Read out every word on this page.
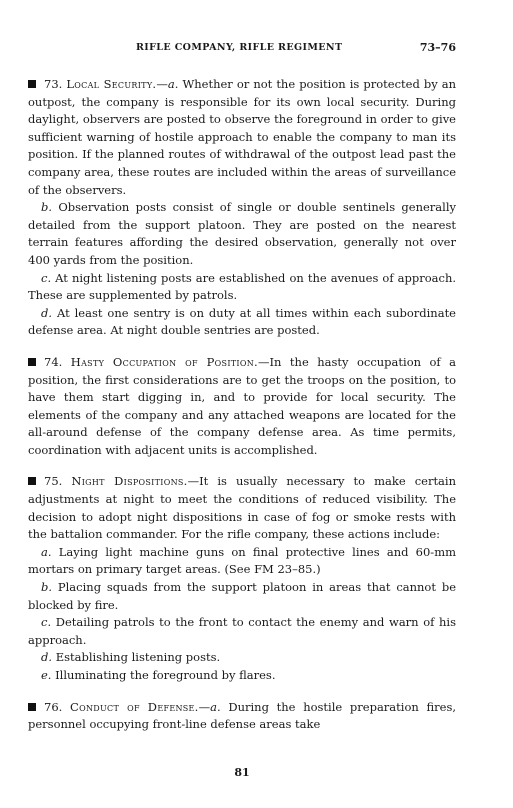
RIFLE COMPANY, RIFLE REGIMENT	73–76

73. Local Security.—a. Whether or not the position is protected by an outpost, the company is responsible for its own local security. During daylight, observers are posted to observe the foreground in order to give sufficient warning of hostile approach to enable the company to man its position. If the planned routes of withdrawal of the outpost lead past the company area, these routes are included within the areas of surveillance of the observers.

b. Observation posts consist of single or double sentinels generally detailed from the support platoon. They are posted on the nearest terrain features affording the desired observation, generally not over 400 yards from the position.

c. At night listening posts are established on the avenues of approach. These are supplemented by patrols.

d. At least one sentry is on duty at all times within each subordinate defense area. At night double sentries are posted.

74. Hasty Occupation of Position.—In the hasty occupation of a position, the first considerations are to get the troops on the position, to have them start digging in, and to provide for local security. The elements of the company and any attached weapons are located for the all-around defense of the company defense area. As time permits, coordination with adjacent units is accomplished.

75. Night Dispositions.—It is usually necessary to make certain adjustments at night to meet the conditions of reduced visibility. The decision to adopt night dispositions in case of fog or smoke rests with the battalion commander. For the rifle company, these actions include:

a. Laying light machine guns on final protective lines and 60-mm mortars on primary target areas. (See FM 23–85.)

b. Placing squads from the support platoon in areas that cannot be blocked by fire.

c. Detailing patrols to the front to contact the enemy and warn of his approach.

d. Establishing listening posts.

e. Illuminating the foreground by flares.

76. Conduct of Defense.—a. During the hostile preparation fires, personnel occupying front-line defense areas take

81
